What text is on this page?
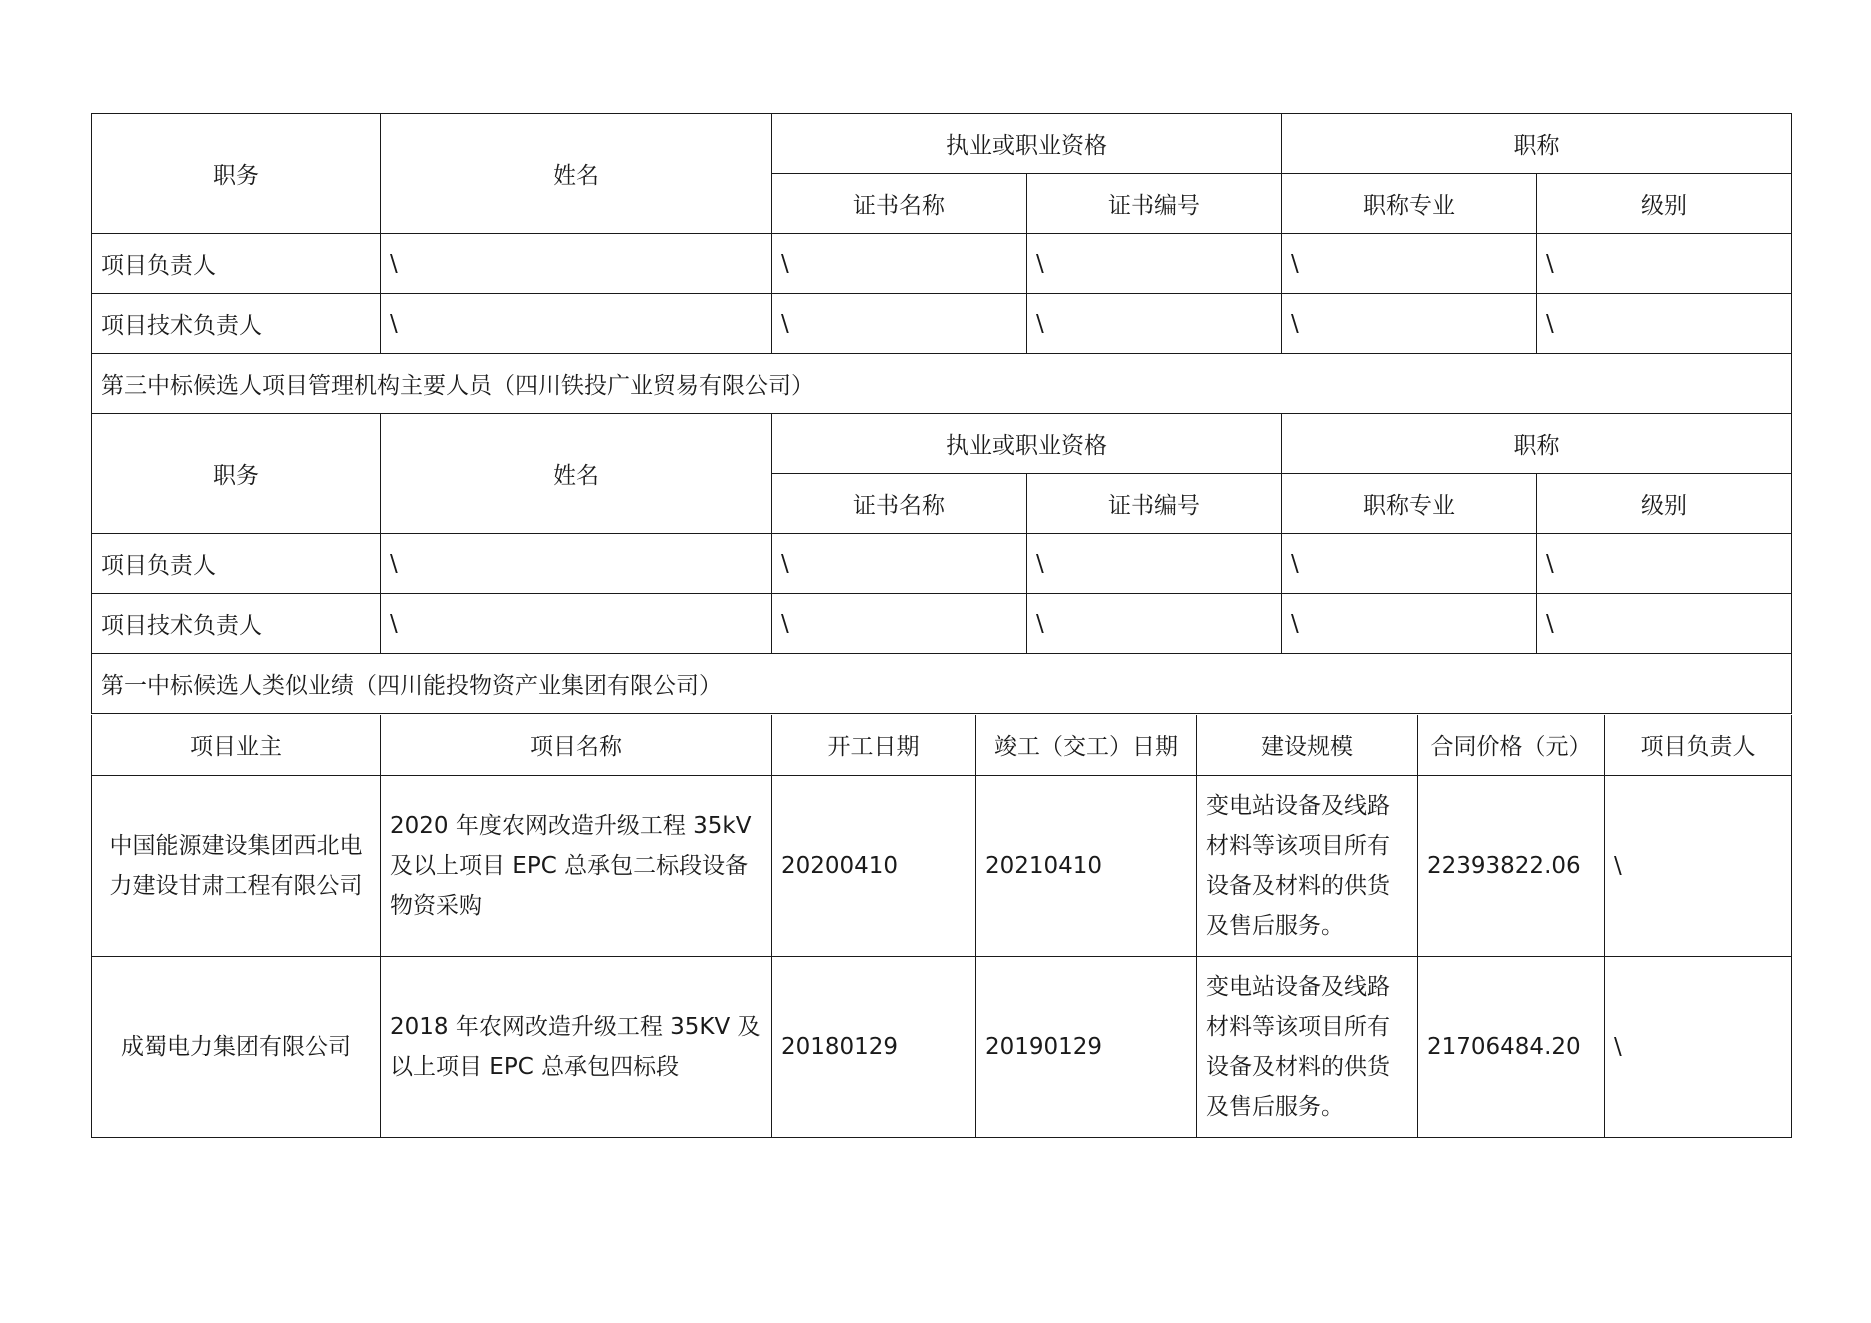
职务	姓名	执业或职业资格		职称	
		证书名称	证书编号	职称专业	级别
项目负责人	\	\	\	\	\
项目技术负责人	\	\	\	\	\
第三中标候选人项目管理机构主要人员（四川铁投广业贸易有限公司）					
职务	姓名	执业或职业资格		职称	
		证书名称	证书编号	职称专业	级别
项目负责人	\	\	\	\	\
项目技术负责人	\	\	\	\	\
第一中标候选人类似业绩（四川能投物资产业集团有限公司）					
项目业主	项目名称	开工日期	竣工（交工）日期	建设规模	合同价格（元）	项目负责人
中国能源建设集团西北电力建设甘肃工程有限公司	2020 年度农网改造升级工程 35kV 及以上项目 EPC 总承包二标段设备物资采购	20200410	20210410	变电站设备及线路材料等该项目所有设备及材料的供货及售后服务。	22393822.06	\
成蜀电力集团有限公司	2018 年农网改造升级工程 35KV 及以上项目 EPC 总承包四标段	20180129	20190129	变电站设备及线路材料等该项目所有设备及材料的供货及售后服务。	21706484.20	\
